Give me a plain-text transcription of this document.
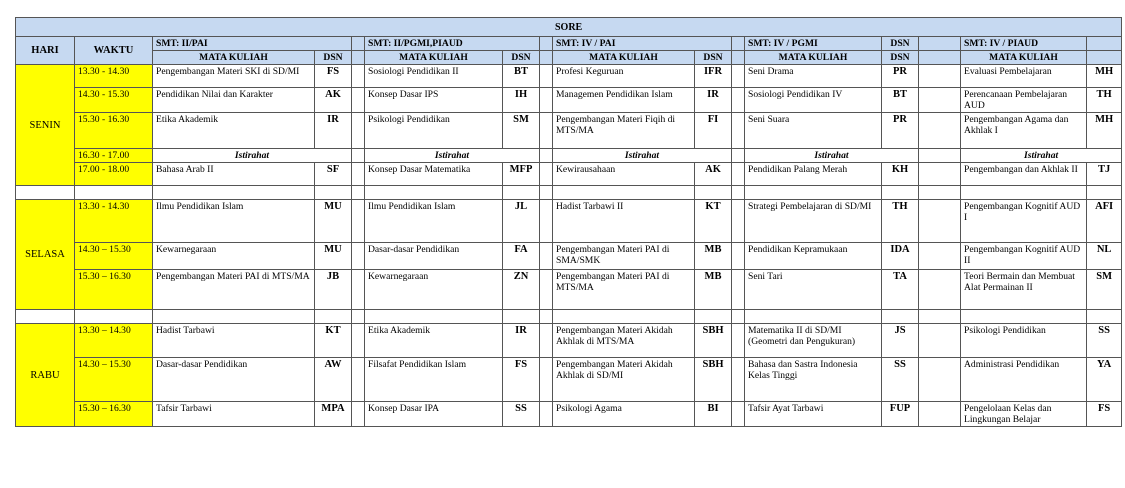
SORE															
HARI	WAKTU	SMT: II/PAI			SMT: II/PGMI,PIAUD			SMT: IV / PAI			SMT: IV / PGMI	DSN		SMT: IV / PIAUD	
		MATA KULIAH	DSN		MATA KULIAH	DSN		MATA KULIAH	DSN		MATA KULIAH	DSN		MATA KULIAH	
SENIN	13.30 - 14.30	Pengembangan Materi SKI di SD/MI	FS		Sosiologi Pendidikan II	BT		Profesi Keguruan	IFR		Seni Drama	PR		Evaluasi Pembelajaran	MH
	14.30 - 15.30	Pendidikan Nilai dan Karakter	AK		Konsep Dasar IPS	IH		Managemen Pendidikan Islam	IR		Sosiologi Pendidikan IV	BT		Perencanaan Pembelajaran AUD	TH
	15.30 - 16.30	Etika Akademik	IR		Psikologi Pendidikan	SM		Pengembangan Materi Fiqih di MTS/MA	FI		Seni Suara	PR		Pengembangan Agama dan Akhlak I	MH
	16.30 - 17.00	Istirahat			Istirahat			Istirahat			Istirahat			Istirahat	
	17.00 - 18.00	Bahasa Arab II	SF		Konsep Dasar Matematika	MFP		Kewirausahaan	AK		Pendidikan Palang Merah	KH		Pengembangan dan Akhlak II	TJ

SELASA	13.30 - 14.30	Ilmu Pendidikan Islam	MU		Ilmu Pendidikan Islam	JL		Hadist Tarbawi II	KT		Strategi Pembelajaran di SD/MI	TH		Pengembangan Kognitif AUD I	AFI
	14.30 – 15.30	Kewarnegaraan	MU		Dasar-dasar Pendidikan	FA		Pengembangan Materi PAI di SMA/SMK	MB		Pendidikan Kepramukaan	IDA		Pengembangan Kognitif AUD II	NL
	15.30 – 16.30	Pengembangan Materi PAI di MTS/MA	JB		Kewarnegaraan	ZN		Pengembangan Materi PAI di MTS/MA	MB		Seni Tari	TA		Teori Bermain dan Membuat Alat Permainan II	SM

RABU	13.30 – 14.30	Hadist Tarbawi	KT		Etika Akademik	IR		Pengembangan Materi Akidah Akhlak di MTS/MA	SBH		Matematika II di SD/MI (Geometri dan Pengukuran)	JS		Psikologi Pendidikan	SS
	14.30 – 15.30	Dasar-dasar Pendidikan	AW		Filsafat Pendidikan Islam	FS		Pengembangan Materi Akidah Akhlak di SD/MI	SBH		Bahasa dan Sastra Indonesia Kelas Tinggi	SS		Administrasi Pendidikan	YA
	15.30 – 16.30	Tafsir Tarbawi	MPA		Konsep Dasar IPA	SS		Psikologi Agama	BI		Tafsir Ayat Tarbawi	FUP		Pengelolaan Kelas dan Lingkungan Belajar	FS
